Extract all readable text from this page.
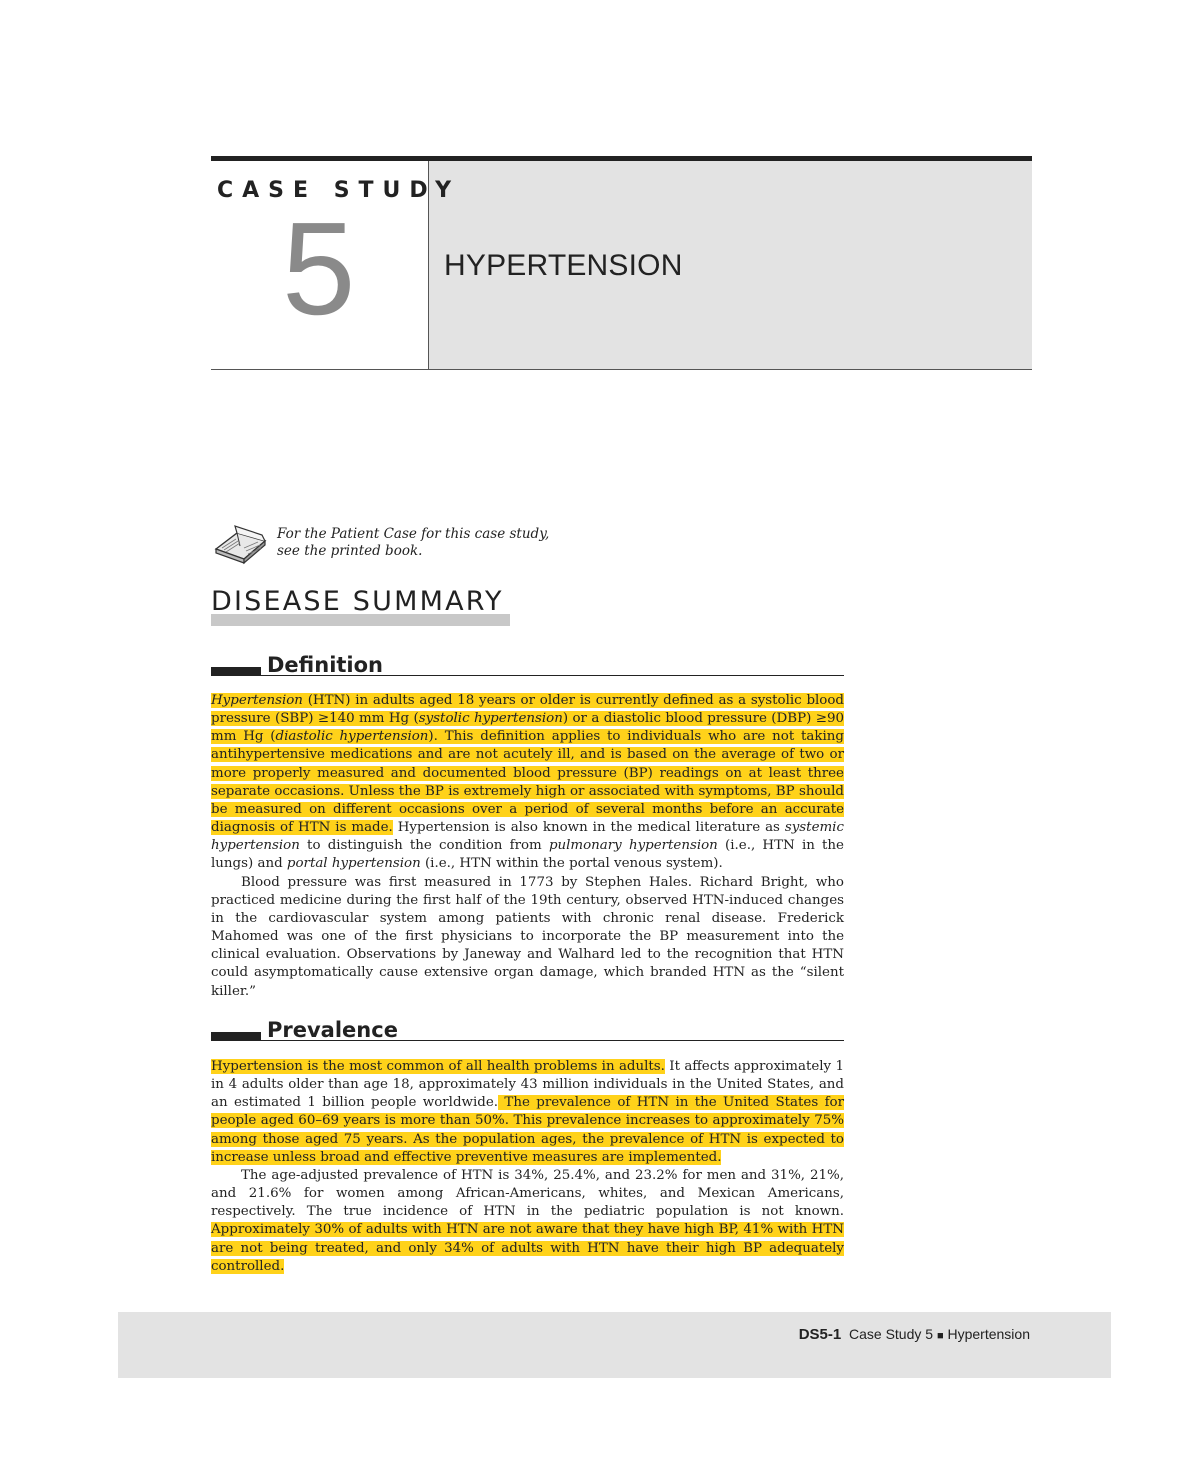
CASE STUDY
5	HYPERTENSION
For the Patient Case for this case study,
see the printed book.
DISEASE SUMMARY
Definition

Hypertension (HTN) in adults aged 18 years or older is currently defined as a systolic blood pressure (SBP) ≥140 mm Hg (systolic hypertension) or a diastolic blood pressure (DBP) ≥90 mm Hg (diastolic hypertension). This definition applies to individuals who are not taking antihypertensive medications and are not acutely ill, and is based on the average of two or more properly measured and documented blood pressure (BP) readings on at least three separate occasions. Unless the BP is extremely high or associated with symptoms, BP should be measured on different occasions over a period of several months before an accurate diagnosis of HTN is made. Hypertension is also known in the medical literature as systemic hypertension to distinguish the condition from pulmonary hypertension (i.e., HTN in the lungs) and portal hypertension (i.e., HTN within the portal venous system).

Blood pressure was first measured in 1773 by Stephen Hales. Richard Bright, who practiced medicine during the first half of the 19th century, observed HTN-induced changes in the cardiovascular system among patients with chronic renal disease. Frederick Mahomed was one of the first physicians to incorporate the BP measurement into the clinical evaluation. Observations by Janeway and Walhard led to the recognition that HTN could asymptomatically cause extensive organ damage, which branded HTN as the “silent killer.”

Prevalence

Hypertension is the most common of all health problems in adults. It affects approximately 1 in 4 adults older than age 18, approximately 43 million individuals in the United States, and an estimated 1 billion people worldwide. The prevalence of HTN in the United States for people aged 60–69 years is more than 50%. This prevalence increases to approximately 75% among those aged 75 years. As the population ages, the prevalence of HTN is expected to increase unless broad and effective preventive measures are implemented.

The age-adjusted prevalence of HTN is 34%, 25.4%, and 23.2% for men and 31%, 21%, and 21.6% for women among African-Americans, whites, and Mexican Americans, respectively. The true incidence of HTN in the pediatric population is not known. Approximately 30% of adults with HTN are not aware that they have high BP, 41% with HTN are not being treated, and only 34% of adults with HTN have their high BP adequately controlled.

DS5-1 Case Study 5 ■ Hypertension
